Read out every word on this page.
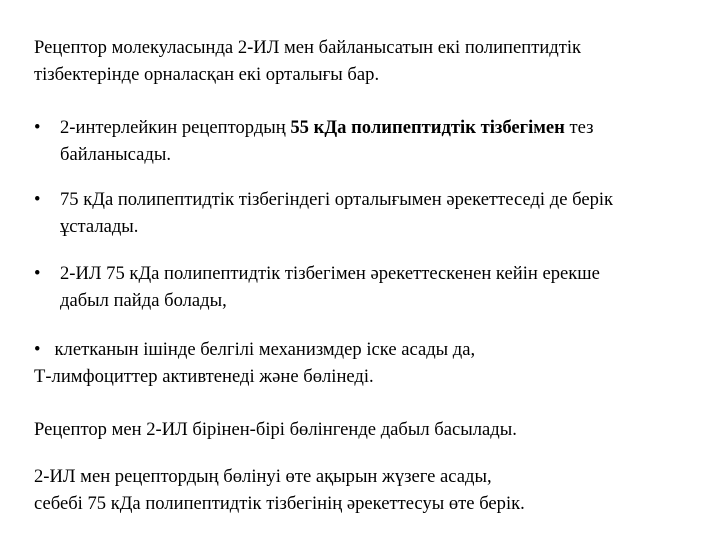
Рецептор молекуласында 2-ИЛ мен байланысатын екі полипептидтік
тізбектерінде орналасқан екі орталығы бар.

• 2-интерлейкин рецептордың 55 кДа полипептидтік тізбегімен тез
байланысады.
• 75 кДа полипептидтік тізбегіндегі орталығымен әрекеттеседі де берік
ұсталады.
• 2-ИЛ 75 кДа полипептидтік тізбегімен әрекеттескенен кейін ерекше
дабыл пайда болады,

• клетканын ішінде белгілі механизмдер іске асады да,
Т-лимфоциттер активтенеді және бөлінеді.

Рецептор мен 2-ИЛ бірінен-бірі бөлінгенде дабыл басылады.

2-ИЛ мен рецептордың бөлінуі өте ақырын жүзеге асады,
себебі 75 кДа полипептидтік тізбегінің әрекеттесуы өте берік.
